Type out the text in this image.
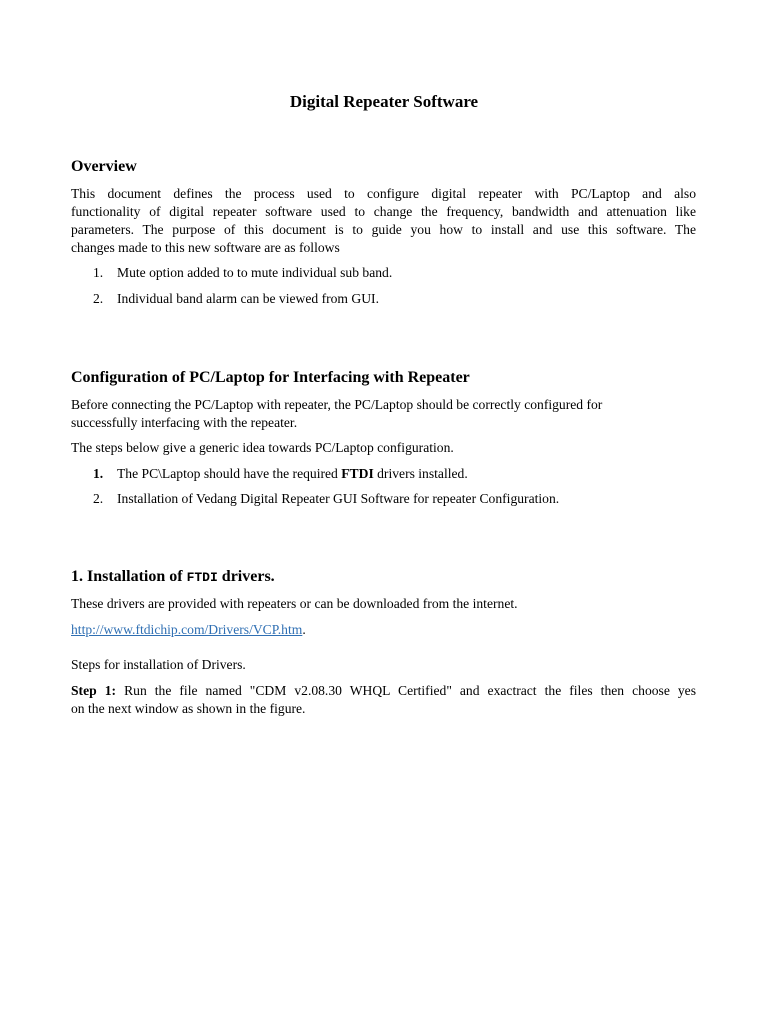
Digital Repeater Software
Overview
This document defines the process used to configure digital repeater with PC/Laptop and also
functionality of digital repeater software used to change the frequency, bandwidth and attenuation like
parameters. The purpose of this document is to guide you how to install and use this software. The
changes made to this new software are as follows
1. Mute option added to to mute individual sub band.
2. Individual band alarm can be viewed from GUI.
Configuration of PC/Laptop for Interfacing with Repeater
Before connecting the PC/Laptop with repeater, the PC/Laptop should be correctly configured for
successfully interfacing with the repeater.
The steps below give a generic idea towards PC/Laptop configuration.
1. The PC\Laptop should have the required FTDI drivers installed.
2. Installation of Vedang Digital Repeater GUI Software for repeater Configuration.
1. Installation of FTDI drivers.
These drivers are provided with repeaters or can be downloaded from the internet.
http://www.ftdichip.com/Drivers/VCP.htm.
Steps for installation of Drivers.
Step 1: Run the file named "CDM v2.08.30 WHQL Certified" and exactract the files then choose yes
on the next window as shown in the figure.
